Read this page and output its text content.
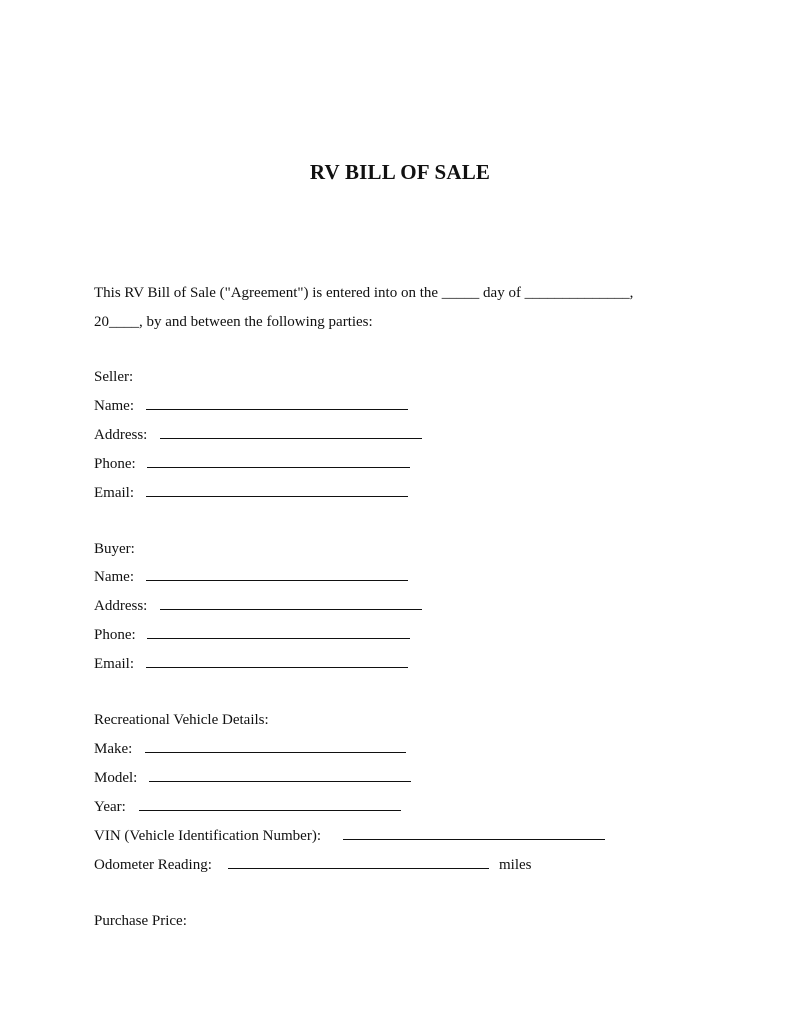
RV BILL OF SALE
This RV Bill of Sale ("Agreement") is entered into on the _____ day of ______________,
20____, by and between the following parties:
Seller:
Name:
Address:
Phone:
Email:
Buyer:
Name:
Address:
Phone:
Email:
Recreational Vehicle Details:
Make:
Model:
Year:
VIN (Vehicle Identification Number):
Odometer Reading:	miles
Purchase Price:
